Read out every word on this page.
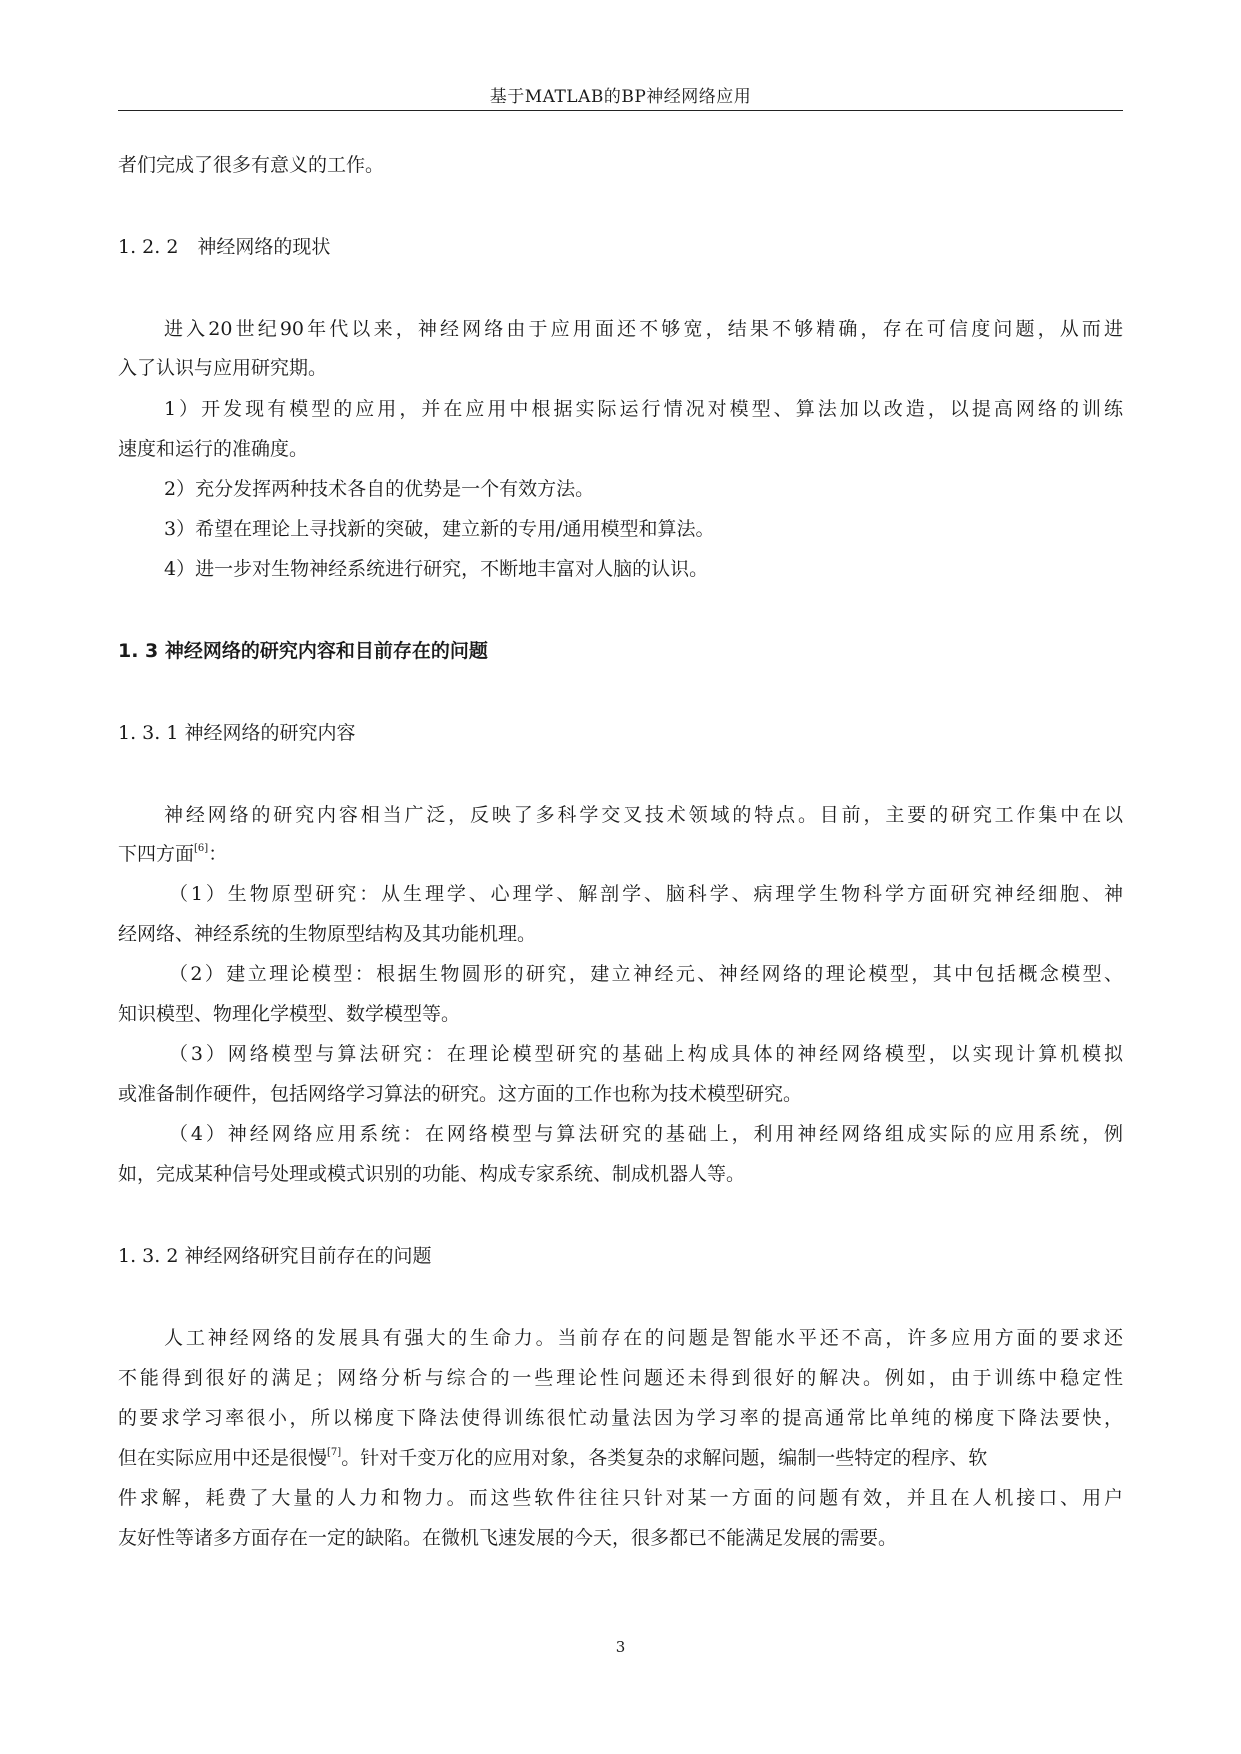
基于MATLAB的BP神经网络应用
者们完成了很多有意义的工作。
1. 2. 2　神经网络的现状
进入20世纪90年代以来，神经网络由于应用面还不够宽，结果不够精确，存在可信度问题，从而进
入了认识与应用研究期。
1）开发现有模型的应用，并在应用中根据实际运行情况对模型、算法加以改造，以提高网络的训练
速度和运行的准确度。
2）充分发挥两种技术各自的优势是一个有效方法。
3）希望在理论上寻找新的突破，建立新的专用/通用模型和算法。
4）进一步对生物神经系统进行研究，不断地丰富对人脑的认识。
1. 3 神经网络的研究内容和目前存在的问题
1. 3. 1 神经网络的研究内容
神经网络的研究内容相当广泛，反映了多科学交叉技术领域的特点。目前，主要的研究工作集中在以
下四方面[6]：
（1）生物原型研究：从生理学、心理学、解剖学、脑科学、病理学生物科学方面研究神经细胞、神
经网络、神经系统的生物原型结构及其功能机理。
（2）建立理论模型：根据生物圆形的研究，建立神经元、神经网络的理论模型，其中包括概念模型、
知识模型、物理化学模型、数学模型等。
（3）网络模型与算法研究：在理论模型研究的基础上构成具体的神经网络模型，以实现计算机模拟
或准备制作硬件，包括网络学习算法的研究。这方面的工作也称为技术模型研究。
（4）神经网络应用系统：在网络模型与算法研究的基础上，利用神经网络组成实际的应用系统，例
如，完成某种信号处理或模式识别的功能、构成专家系统、制成机器人等。
1. 3. 2 神经网络研究目前存在的问题
人工神经网络的发展具有强大的生命力。当前存在的问题是智能水平还不高，许多应用方面的要求还
不能得到很好的满足；网络分析与综合的一些理论性问题还未得到很好的解决。例如，由于训练中稳定性
的要求学习率很小，所以梯度下降法使得训练很忙动量法因为学习率的提高通常比单纯的梯度下降法要快，
但在实际应用中还是很慢[7]。针对千变万化的应用对象，各类复杂的求解问题，编制一些特定的程序、软
件求解，耗费了大量的人力和物力。而这些软件往往只针对某一方面的问题有效，并且在人机接口、用户
友好性等诸多方面存在一定的缺陷。在微机飞速发展的今天，很多都已不能满足发展的需要。
3
